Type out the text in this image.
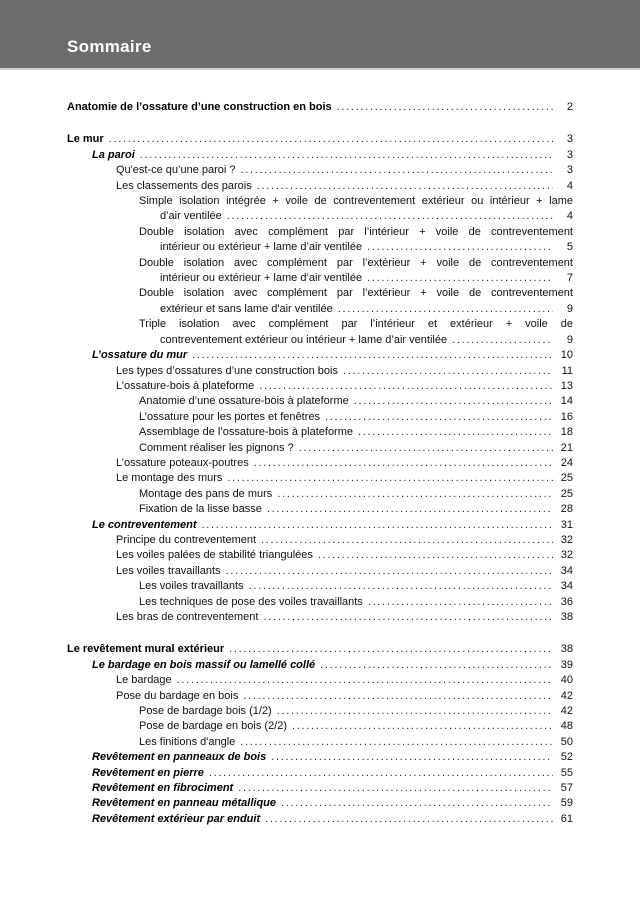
Sommaire
Anatomie de l’ossature d’une construction en bois .....	2
Le mur .....	3
La paroi .....	3
Qu'est-ce qu’une paroi ? .....	3
Les classements des parois .....	4
Simple isolation intégrée + voile de contreventement extérieur ou intérieur + lame
d’air ventilée .....	4
Double isolation avec complément par l’intérieur + voile de contreventement
intérieur ou extérieur + lame d’air ventilée .....	5
Double isolation avec complément par l’extérieur + voile de contreventement
intérieur ou extérieur + lame d’air ventilée .....	7
Double isolation avec complément par l’extérieur + voile de contreventement
extérieur et sans lame d'air ventilée .....	9
Triple isolation avec complément par l’intérieur et extérieur + voile de
contreventement extérieur ou intérieur + lame d’air ventilée .....	9
L’ossature du mur .....	10
Les types d’ossatures d’une construction bois .....	11
L’ossature-bois à plateforme .....	13
Anatomie d’une ossature-bois à plateforme .....	14
L’ossature pour les portes et fenêtres .....	16
Assemblage de l’ossature-bois à plateforme .....	18
Comment réaliser les pignons ? .....	21
L’ossature poteaux-poutres .....	24
Le montage des murs .....	25
Montage des pans de murs .....	25
Fixation de la lisse basse .....	28
Le contreventement .....	31
Principe du contreventement .....	32
Les voiles palées de stabilité triangulées .....	32
Les voiles travaillants .....	34
Les voiles travaillants .....	34
Les techniques de pose des voiles travaillants .....	36
Les bras de contreventement .....	38
Le revêtement mural extérieur .....	38
Le bardage en bois massif ou lamellé collé .....	39
Le bardage .....	40
Pose du bardage en bois .....	42
Pose de bardage bois (1/2) .....	42
Pose de bardage en bois (2/2) .....	48
Les finitions d'angle .....	50
Revêtement en panneaux de bois .....	52
Revêtement en pierre .....	55
Revêtement en fibrociment .....	57
Revêtement en panneau métallique .....	59
Revêtement extérieur par enduit .....	61
